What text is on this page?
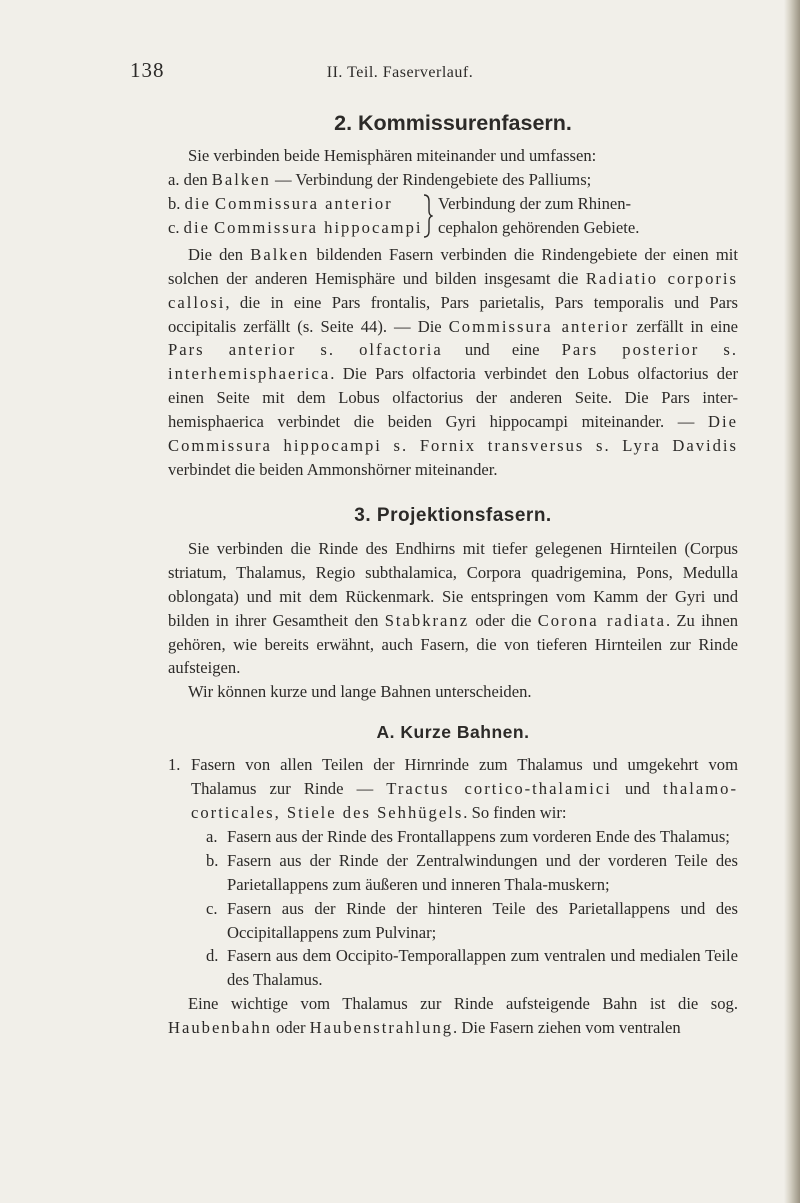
138	II. Teil. Faserverlauf.
2. Kommissurenfasern.

Sie verbinden beide Hemisphären miteinander und umfassen:

a. den Balken — Verbindung der Rindengebiete des Palliums;

b. die Commissura anterior
c. die Commissura hippocampi
Verbindung der zum Rhinen-
cephalon gehörenden Gebiete.

Die den Balken bildenden Fasern verbinden die Rindengebiete der einen mit solchen der anderen Hemisphäre und bilden insgesamt die Radiatio corporis callosi, die in eine Pars frontalis, Pars parietalis, Pars temporalis und Pars occipitalis zerfällt (s. Seite 44). — Die Commissura anterior zerfällt in eine Pars anterior s. olfactoria und eine Pars posterior s. interhemisphaerica. Die Pars olfactoria verbindet den Lobus olfactorius der einen Seite mit dem Lobus olfactorius der anderen Seite. Die Pars inter-hemisphaerica verbindet die beiden Gyri hippocampi miteinander. — Die Commissura hippocampi s. Fornix transversus s. Lyra Davidis verbindet die beiden Ammonshörner miteinander.

3. Projektionsfasern.

Sie verbinden die Rinde des Endhirns mit tiefer gelegenen Hirnteilen (Corpus striatum, Thalamus, Regio subthalamica, Corpora quadrigemina, Pons, Medulla oblongata) und mit dem Rückenmark. Sie entspringen vom Kamm der Gyri und bilden in ihrer Gesamtheit den Stabkranz oder die Corona radiata. Zu ihnen gehören, wie bereits erwähnt, auch Fasern, die von tieferen Hirnteilen zur Rinde aufsteigen.

Wir können kurze und lange Bahnen unterscheiden.

A. Kurze Bahnen.
1. Fasern von allen Teilen der Hirnrinde zum Thalamus und umgekehrt vom Thalamus zur Rinde — Tractus cortico-thalamici und thalamo-corticales, Stiele des Sehhügels. So finden wir:
a. Fasern aus der Rinde des Frontallappens zum vorderen Ende des Thalamus;
b. Fasern aus der Rinde der Zentralwindungen und der vorderen Teile des Parietallappens zum äußeren und inneren Thala-muskern;
c. Fasern aus der Rinde der hinteren Teile des Parietallappens und des Occipitallappens zum Pulvinar;
d. Fasern aus dem Occipito-Temporallappen zum ventralen und medialen Teile des Thalamus.

Eine wichtige vom Thalamus zur Rinde aufsteigende Bahn ist die sog. Haubenbahn oder Haubenstrahlung. Die Fasern ziehen vom ventralen
